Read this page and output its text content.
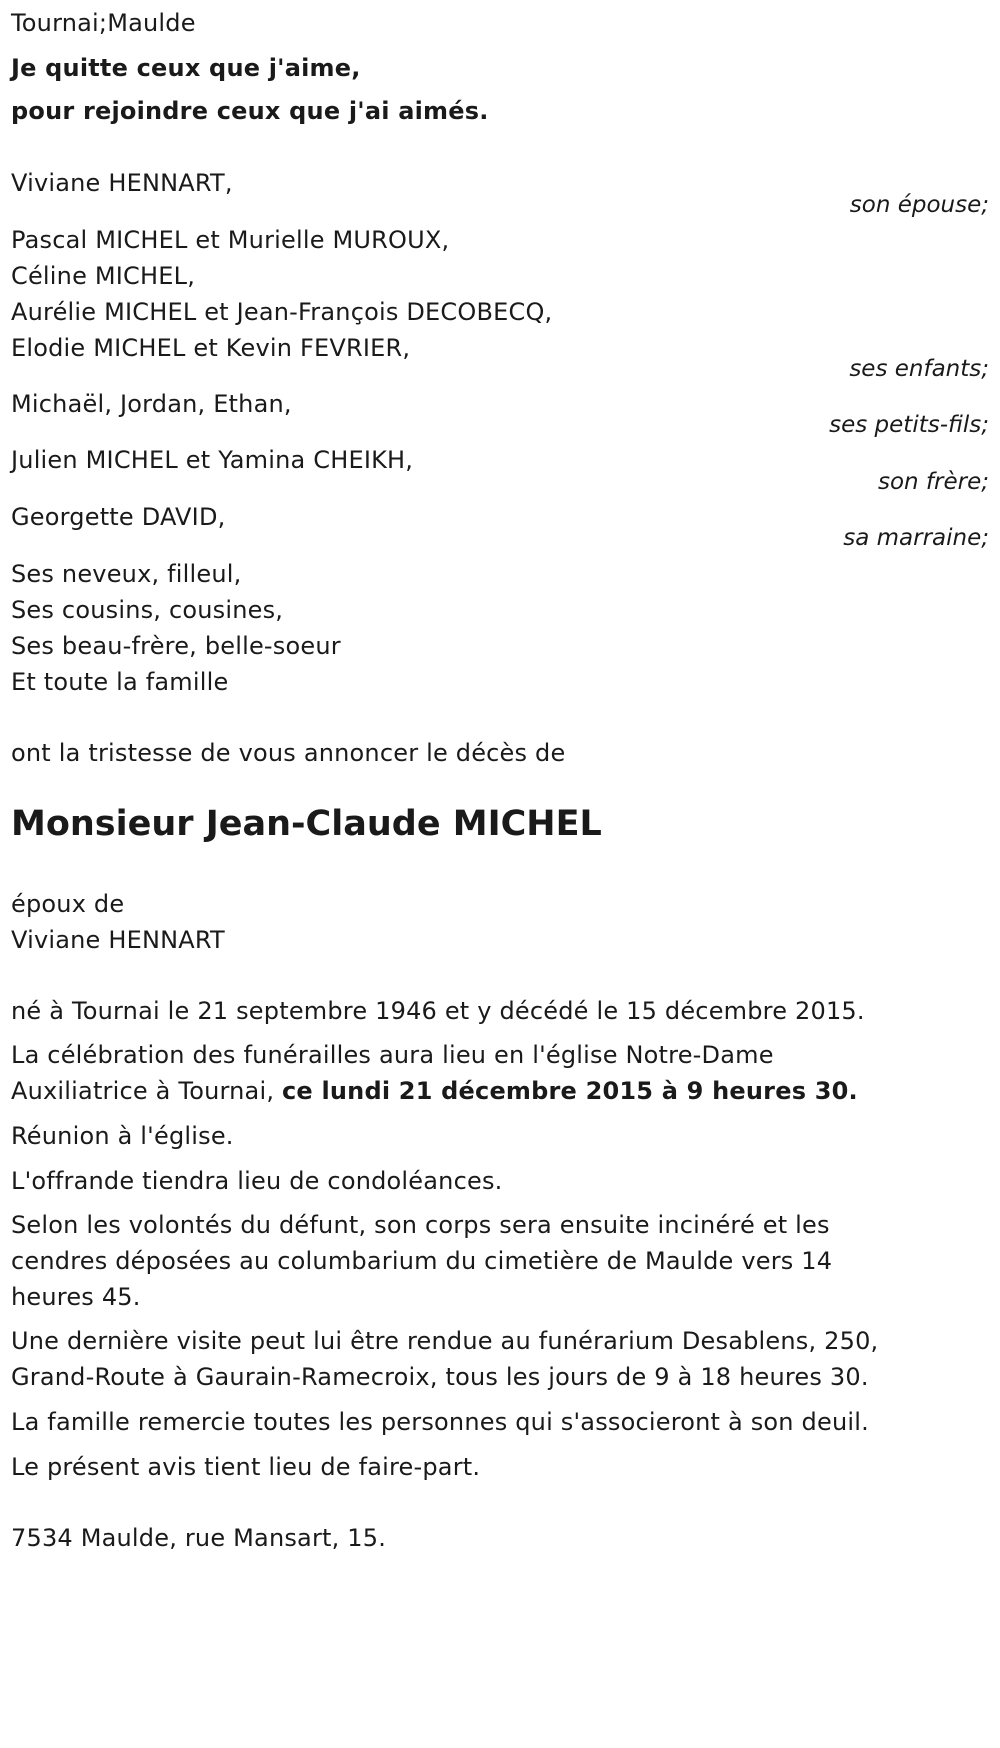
Tournai;Maulde
Je quitte ceux que j'aime,
pour rejoindre ceux que j'ai aimés.
Viviane HENNART,
son épouse;
Pascal MICHEL et Murielle MUROUX,
Céline MICHEL,
Aurélie MICHEL et Jean-François DECOBECQ,
Elodie MICHEL et Kevin FEVRIER,
ses enfants;
Michaël, Jordan, Ethan,
ses petits-fils;
Julien MICHEL et Yamina CHEIKH,
son frère;
Georgette DAVID,
sa marraine;
Ses neveux, filleul,
Ses cousins, cousines,
Ses beau-frère, belle-soeur
Et toute la famille
ont la tristesse de vous annoncer le décès de
Monsieur Jean-Claude MICHEL
époux de
Viviane HENNART
né à Tournai le 21 septembre 1946 et y décédé le 15 décembre 2015.
La célébration des funérailles aura lieu en l'église Notre-Dame
Auxiliatrice à Tournai, ce lundi 21 décembre 2015 à 9 heures 30.
Réunion à l'église.
L'offrande tiendra lieu de condoléances.
Selon les volontés du défunt, son corps sera ensuite incinéré et les
cendres déposées au columbarium du cimetière de Maulde vers 14
heures 45.
Une dernière visite peut lui être rendue au funérarium Desablens, 250,
Grand-Route à Gaurain-Ramecroix, tous les jours de 9 à 18 heures 30.
La famille remercie toutes les personnes qui s'associeront à son deuil.
Le présent avis tient lieu de faire-part.
7534 Maulde, rue Mansart, 15.
